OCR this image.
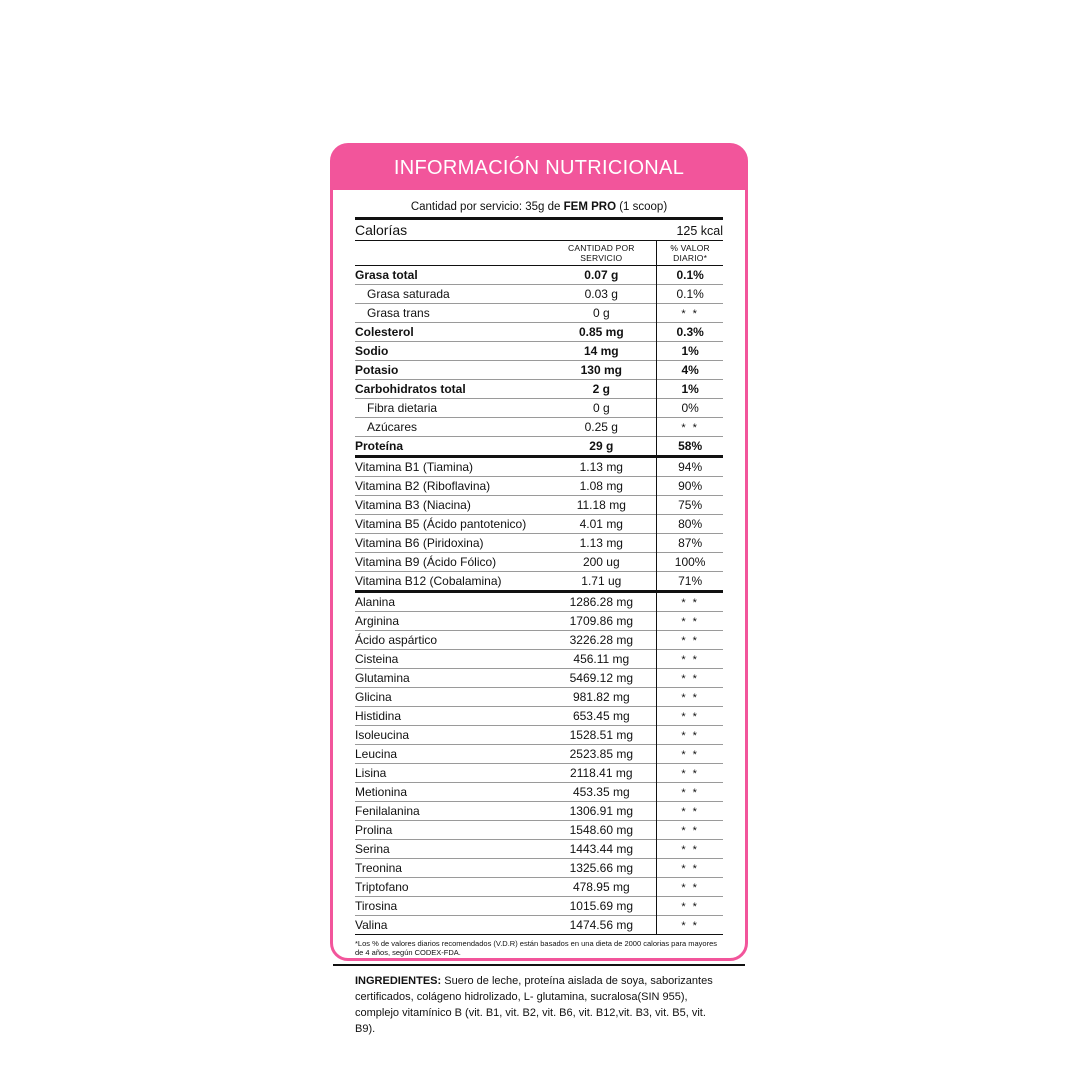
INFORMACIÓN NUTRICIONAL
Cantidad por servicio: 35g de FEM PRO (1 scoop)
Calorías	125 kcal
	CANTIDAD POR SERVICIO	% VALOR DIARIO*
Grasa total	0.07 g	0.1%
Grasa saturada	0.03 g	0.1%
Grasa trans	0 g	* *
Colesterol	0.85 mg	0.3%
Sodio	14 mg	1%
Potasio	130 mg	4%
Carbohidratos total	2 g	1%
Fibra dietaria	0 g	0%
Azúcares	0.25 g	* *
Proteína	29 g	58%
Vitamina B1 (Tiamina)	1.13 mg	94%
Vitamina B2 (Riboflavina)	1.08 mg	90%
Vitamina B3 (Niacina)	11.18 mg	75%
Vitamina B5 (Ácido pantotenico)	4.01 mg	80%
Vitamina B6 (Piridoxina)	1.13 mg	87%
Vitamina B9 (Ácido Fólico)	200 ug	100%
Vitamina B12 (Cobalamina)	1.71 ug	71%
Alanina	1286.28 mg	* *
Arginina	1709.86 mg	* *
Ácido aspártico	3226.28 mg	* *
Cisteina	456.11 mg	* *
Glutamina	5469.12 mg	* *
Glicina	981.82 mg	* *
Histidina	653.45 mg	* *
Isoleucina	1528.51 mg	* *
Leucina	2523.85 mg	* *
Lisina	2118.41 mg	* *
Metionina	453.35 mg	* *
Fenilalanina	1306.91 mg	* *
Prolina	1548.60 mg	* *
Serina	1443.44 mg	* *
Treonina	1325.66 mg	* *
Triptofano	478.95 mg	* *
Tirosina	1015.69 mg	* *
Valina	1474.56 mg	* *
*Los % de valores diarios recomendados (V.D.R) están basados en una dieta de 2000 calorias para mayores de 4 años, según CODEX-FDA.
INGREDIENTES: Suero de leche, proteína aislada de soya, saborizantes certificados, colágeno hidrolizado, L- glutamina, sucralosa(SIN 955), complejo vitamínico B (vit. B1, vit. B2, vit. B6, vit. B12,vit. B3, vit. B5, vit. B9).
